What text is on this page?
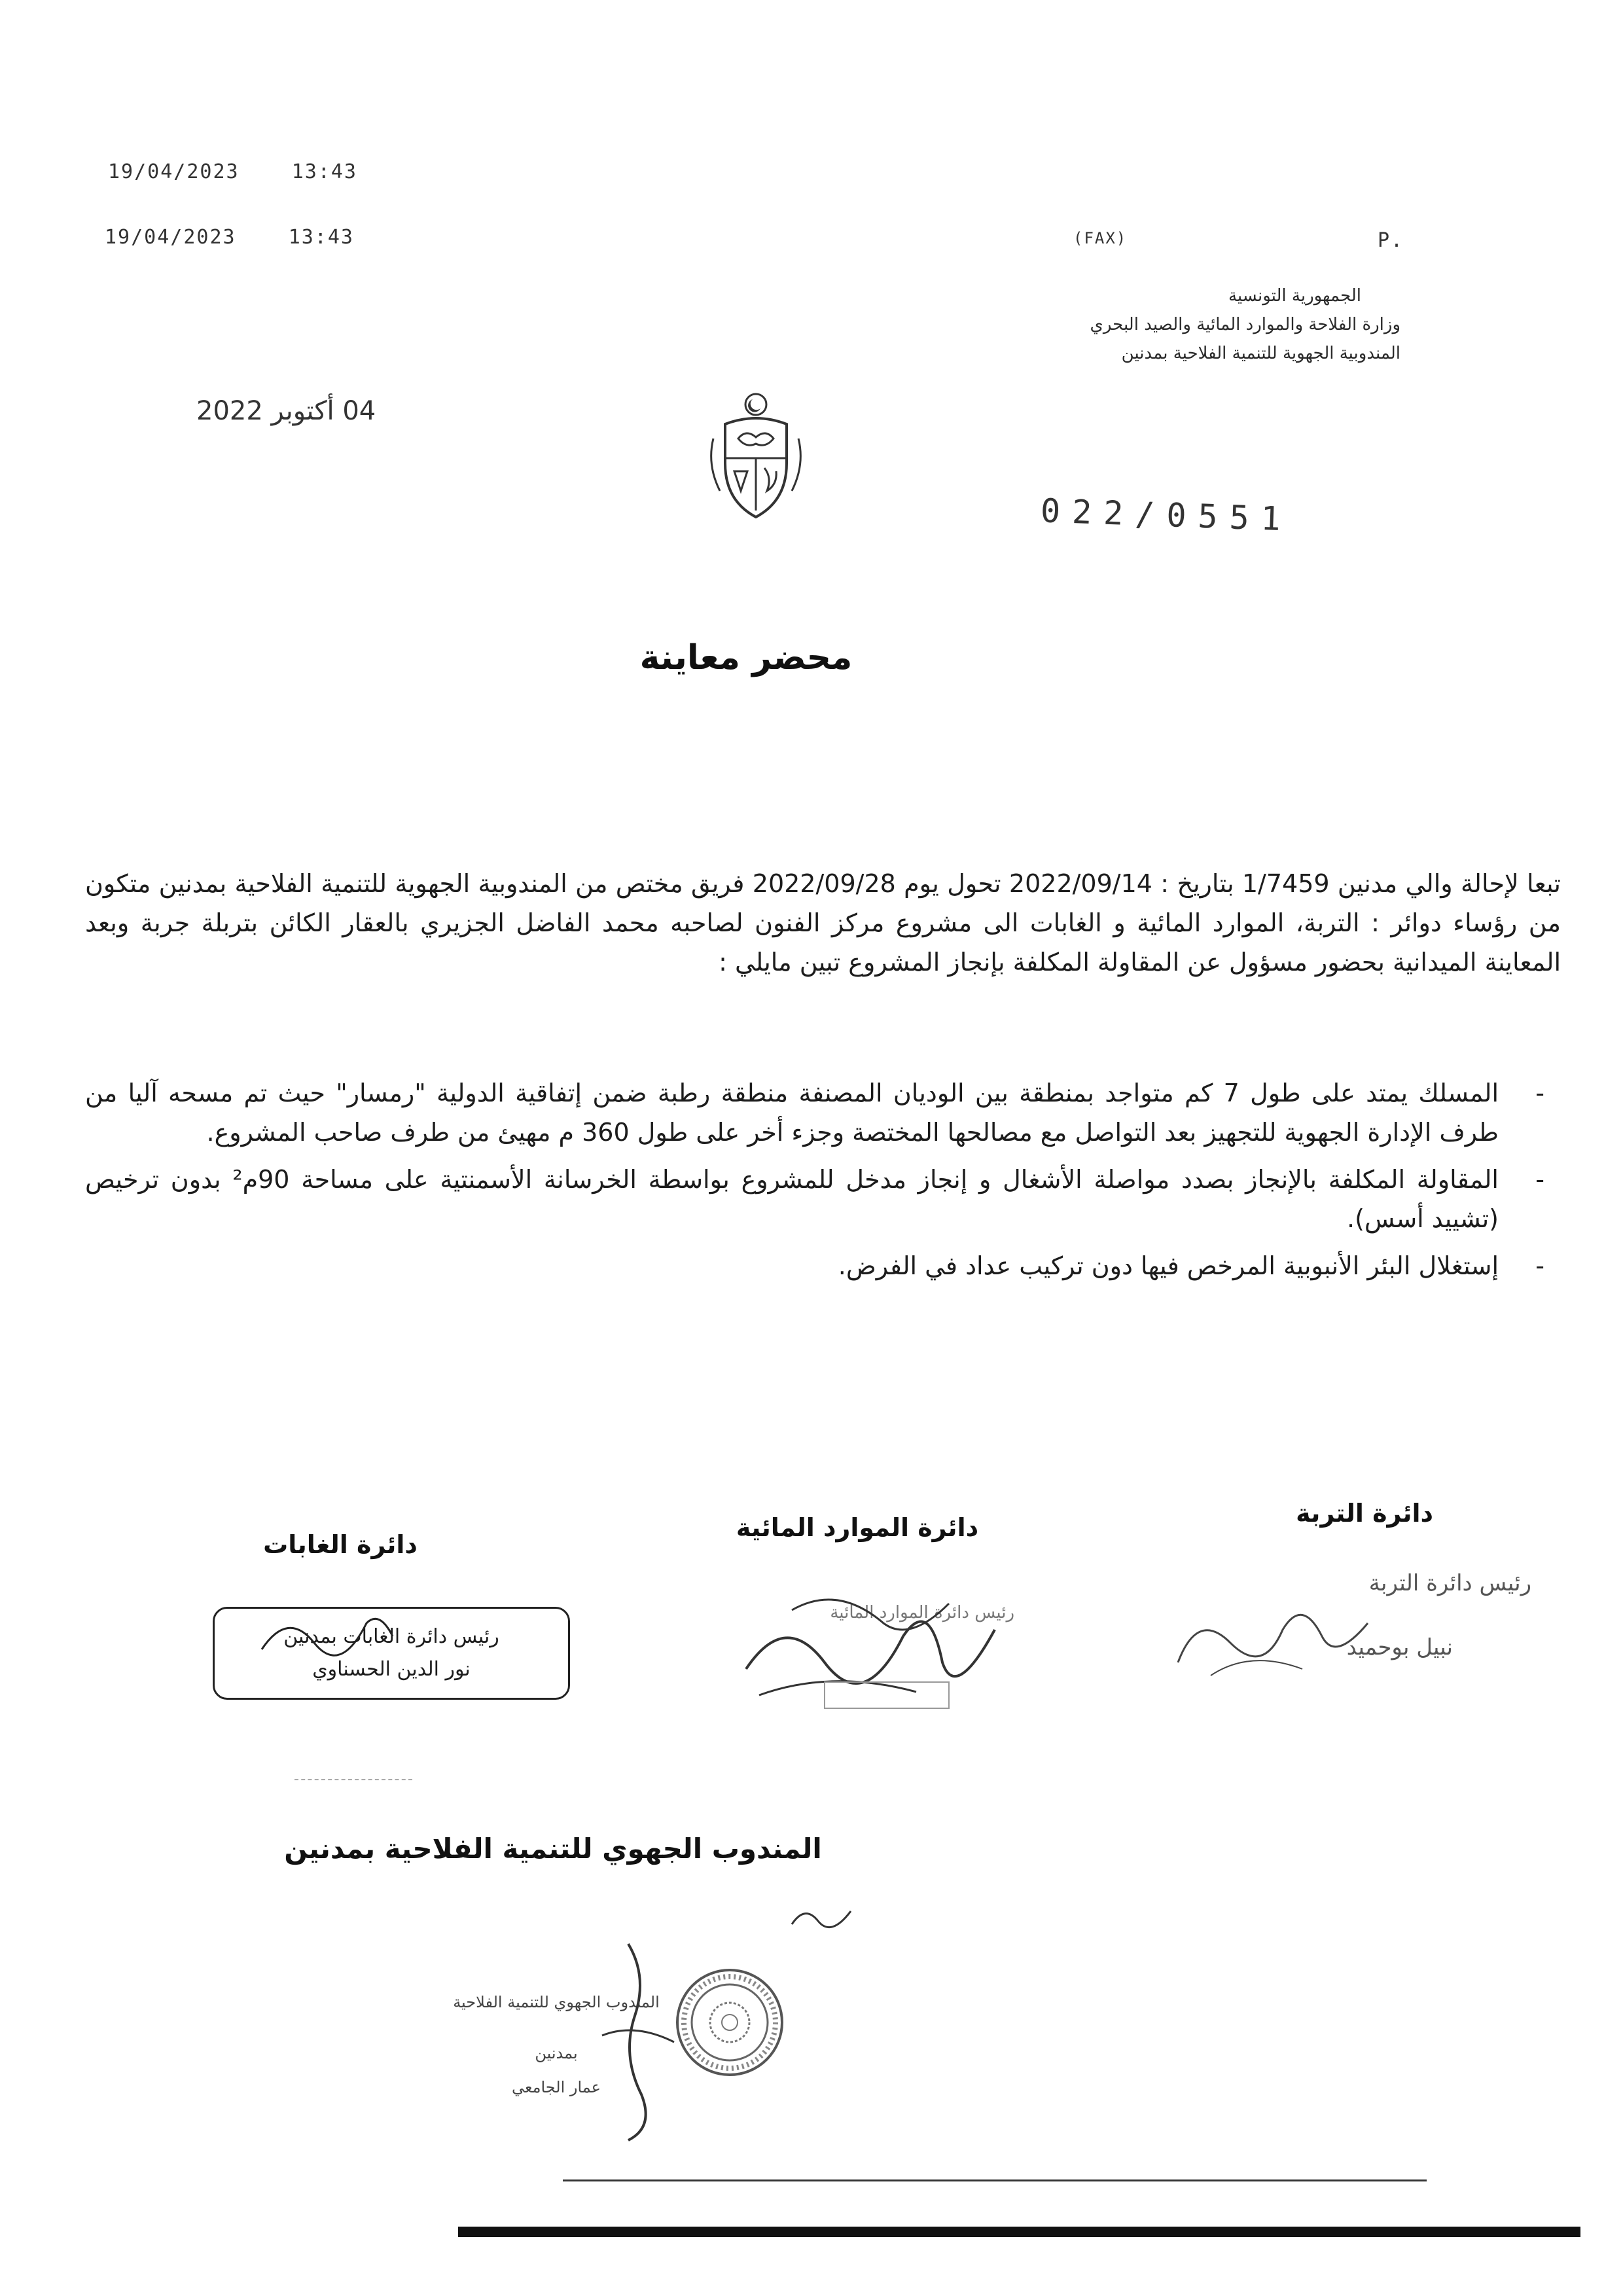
19/04/2023	13:43
19/04/2023	13:43	(FAX)	P.
الجمهورية التونسية
وزارة الفلاحة والموارد المائية والصيد البحري
المندوبية الجهوية للتنمية الفلاحية بمدنين
04 أكتوبر 2022
022/0551
محضر معاينة
تبعا لإحالة والي مدنين 1/7459 بتاريخ : 2022/09/14 تحول يوم 2022/09/28 فريق مختص من المندوبية الجهوية للتنمية الفلاحية بمدنين متكون من رؤساء دوائر : التربة، الموارد المائية و الغابات الى مشروع مركز الفنون لصاحبه محمد الفاضل الجزيري بالعقار الكائن بتربلة جربة وبعد المعاينة الميدانية بحضور مسؤول عن المقاولة المكلفة بإنجاز المشروع تبين مايلي :
-
المسلك يمتد على طول 7 كم متواجد بمنطقة بين الوديان المصنفة منطقة رطبة ضمن إتفاقية الدولية "رمسار" حيث تم مسحه آليا من طرف الإدارة الجهوية للتجهيز بعد التواصل مع مصالحها المختصة وجزء أخر على طول 360 م مهيئ من طرف صاحب المشروع.
-
المقاولة المكلفة بالإنجاز بصدد مواصلة الأشغال و إنجاز مدخل للمشروع بواسطة الخرسانة الأسمنتية على مساحة 90م² بدون ترخيص (تشييد أسس).
-
إستغلال البئر الأنبوبية المرخص فيها دون تركيب عداد في الفرض.
دائرة التربة
دائرة الموارد المائية
دائرة الغابات
رئيس دائرة التربة
نبيل بوحميد
رئيس دائرة الموارد المائية
رئيس دائرة الغابات بمدنين
نور الدين الحسناوي
المندوب الجهوي للتنمية الفلاحية بمدنين
المندوب الجهوي للتنمية الفلاحية
بمدنين
عمار الجامعي
